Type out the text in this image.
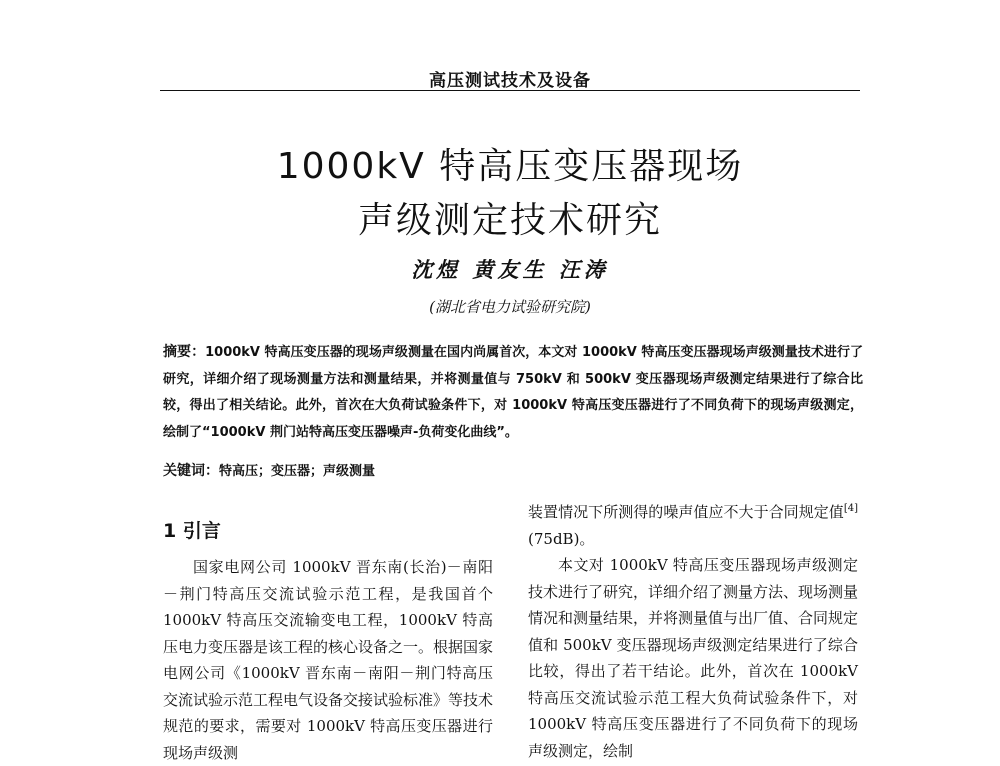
高压测试技术及设备
1000kV 特高压变压器现场
声级测定技术研究
沈煜 黄友生 汪涛
(湖北省电力试验研究院)
摘要：1000kV 特高压变压器的现场声级测量在国内尚属首次，本文对 1000kV 特高压变压器现场声级测量技术进行了研究，详细介绍了现场测量方法和测量结果，并将测量值与 750kV 和 500kV 变压器现场声级测定结果进行了综合比较，得出了相关结论。此外，首次在大负荷试验条件下，对 1000kV 特高压变压器进行了不同负荷下的现场声级测定，绘制了“1000kV 荆门站特高压变压器噪声-负荷变化曲线”。
关键词：特高压；变压器；声级测量
1 引言

国家电网公司 1000kV 晋东南(长治)－南阳－荆门特高压交流试验示范工程，是我国首个 1000kV 特高压交流输变电工程，1000kV 特高压电力变压器是该工程的核心设备之一。根据国家电网公司《1000kV 晋东南－南阳－荆门特高压交流试验示范工程电气设备交接试验标准》等技术规范的要求，需要对 1000kV 特高压变压器进行现场声级测

装置情况下所测得的噪声值应不大于合同规定值[4](75dB)。

本文对 1000kV 特高压变压器现场声级测定技术进行了研究，详细介绍了测量方法、现场测量情况和测量结果，并将测量值与出厂值、合同规定值和 500kV 变压器现场声级测定结果进行了综合比较，得出了若干结论。此外，首次在 1000kV 特高压交流试验示范工程大负荷试验条件下，对 1000kV 特高压变压器进行了不同负荷下的现场声级测定，绘制
